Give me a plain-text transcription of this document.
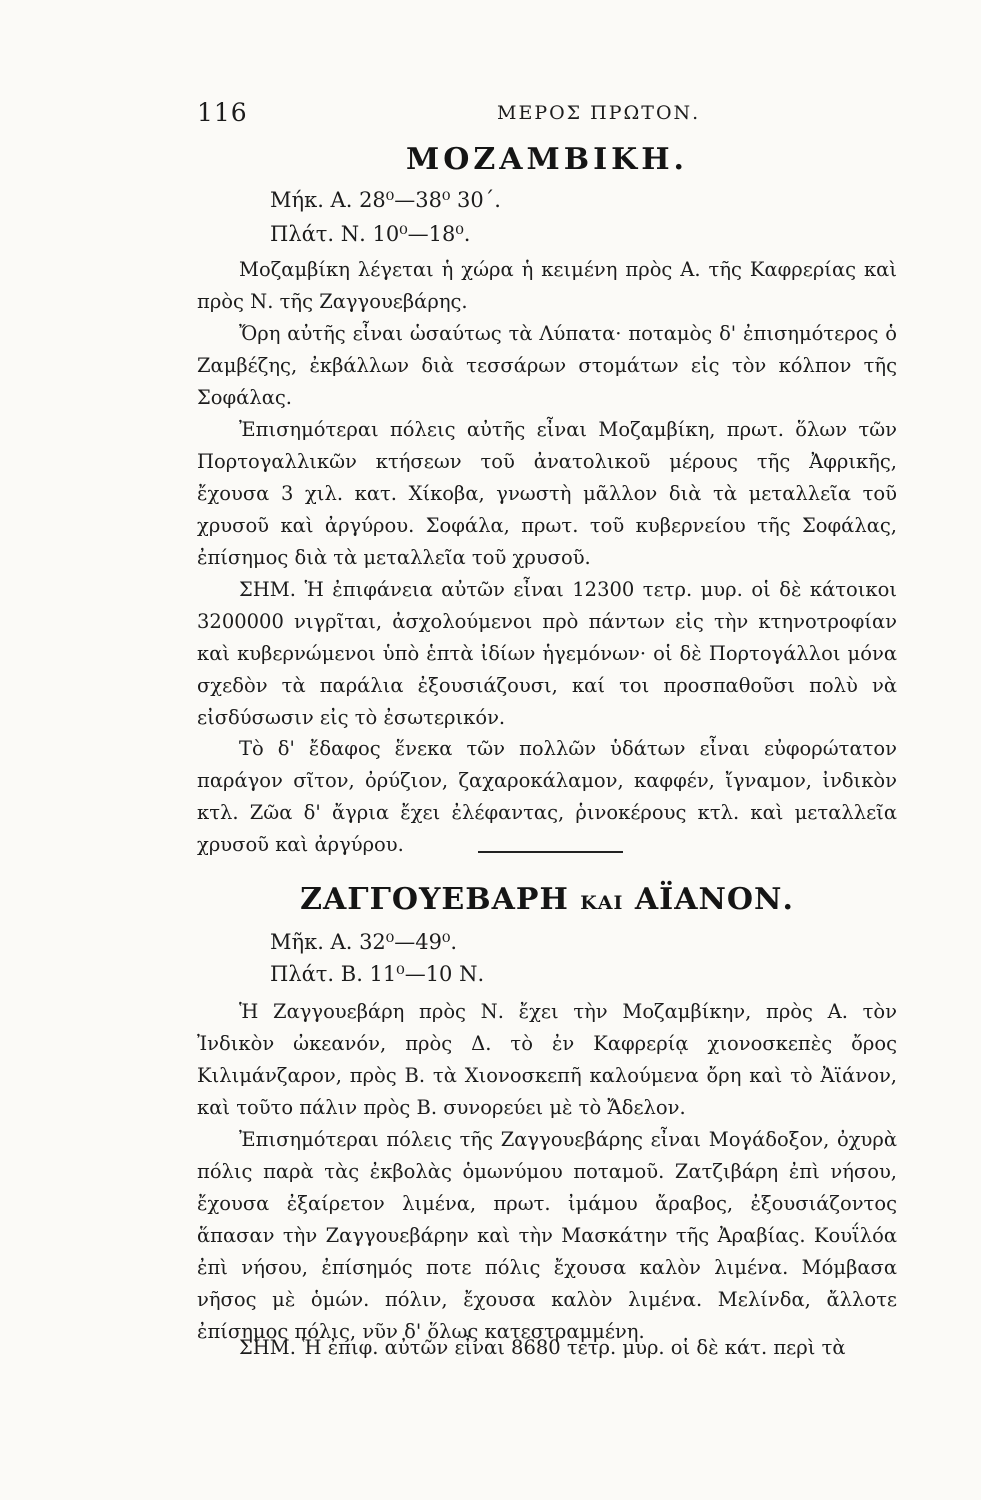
116	ΜΕΡΟΣ ΠΡΩΤΟΝ.
ΜΟΖΑΜΒΙΚΗ.
Μήκ. Α. 28⁰—38⁰ 30΄.
Πλάτ. Ν. 10⁰—18⁰.

Μοζαμβίκη λέγεται ἡ χώρα ἡ κειμένη πρὸς Α. τῆς Καφρερίας καὶ πρὸς Ν. τῆς Ζαγγουεβάρης.

Ὄρη αὐτῆς εἶναι ὡσαύτως τὰ Λύπατα· ποταμὸς δ' ἐπισημότερος ὁ Ζαμβέζης, ἐκβάλλων διὰ τεσσάρων στομάτων εἰς τὸν κόλπον τῆς Σοφάλας.

Ἐπισημότεραι πόλεις αὐτῆς εἶναι Μοζαμβίκη, πρωτ. ὅλων τῶν Πορτογαλλικῶν κτήσεων τοῦ ἀνατολικοῦ μέρους τῆς Ἀφρικῆς, ἔχουσα 3 χιλ. κατ. Χίκοβα, γνωστὴ μᾶλλον διὰ τὰ μεταλλεῖα τοῦ χρυσοῦ καὶ ἀργύρου. Σοφάλα, πρωτ. τοῦ κυβερνείου τῆς Σοφάλας, ἐπίσημος διὰ τὰ μεταλλεῖα τοῦ χρυσοῦ.

ΣΗΜ. Ἡ ἐπιφάνεια αὐτῶν εἶναι 12300 τετρ. μυρ. οἱ δὲ κάτοικοι 3200000 νιγρῖται, ἀσχολούμενοι πρὸ πάντων εἰς τὴν κτηνοτροφίαν καὶ κυβερνώμενοι ὑπὸ ἑπτὰ ἰδίων ἡγεμόνων· οἱ δὲ Πορτογάλλοι μόνα σχεδὸν τὰ παράλια ἐξουσιάζουσι, καί τοι προσπαθοῦσι πολὺ νὰ εἰσδύσωσιν εἰς τὸ ἐσωτερικόν.

Τὸ δ' ἔδαφος ἕνεκα τῶν πολλῶν ὑδάτων εἶναι εὐφορώτατον παράγον σῖτον, ὀρύζιον, ζαχαροκάλαμον, καφφέν, ἴγναμον, ἰνδικὸν κτλ. Ζῶα δ' ἄγρια ἔχει ἐλέφαντας, ῥινοκέρους κτλ. καὶ μεταλλεῖα χρυσοῦ καὶ ἀργύρου.

ΖΑΓΓΟΥΕΒΑΡΗ ΚΑΙ ΑΪΑΝΟΝ.
Μῆκ. Α. 32⁰—49⁰.
Πλάτ. Β. 11⁰—10 Ν.

Ἡ Ζαγγουεβάρη πρὸς Ν. ἔχει τὴν Μοζαμβίκην, πρὸς Α. τὸν Ἰνδικὸν ὠκεανόν, πρὸς Δ. τὸ ἐν Καφρερίᾳ χιονοσκεπὲς ὄρος Κιλιμάνζαρον, πρὸς Β. τὰ Χιονοσκεπῆ καλούμενα ὄρη καὶ τὸ Ἀϊάνον, καὶ τοῦτο πάλιν πρὸς Β. συνορεύει μὲ τὸ Ἄδελον.

Ἐπισημότεραι πόλεις τῆς Ζαγγουεβάρης εἶναι Μογάδοξον, ὀχυρὰ πόλις παρὰ τὰς ἐκβολὰς ὁμωνύμου ποταμοῦ. Ζατζιβάρη ἐπὶ νήσου, ἔχουσα ἐξαίρετον λιμένα, πρωτ. ἰμάμου ἄραβος, ἐξουσιάζοντος ἅπασαν τὴν Ζαγγουεβάρην καὶ τὴν Μασκάτην τῆς Ἀραβίας. Κουΐλόα ἐπὶ νήσου, ἐπίσημός ποτε πόλις ἔχουσα καλὸν λιμένα. Μόμβασα νῆσος μὲ ὁμών. πόλιν, ἔχουσα καλὸν λιμένα. Μελίνδα, ἄλλοτε ἐπίσημος πόλις, νῦν δ' ὅλως κατεστραμμένη.

ΣΗΜ. Ἡ ἐπιφ. αὐτῶν εἶναι 8680 τετρ. μυρ. οἱ δὲ κάτ. περὶ τὰ
